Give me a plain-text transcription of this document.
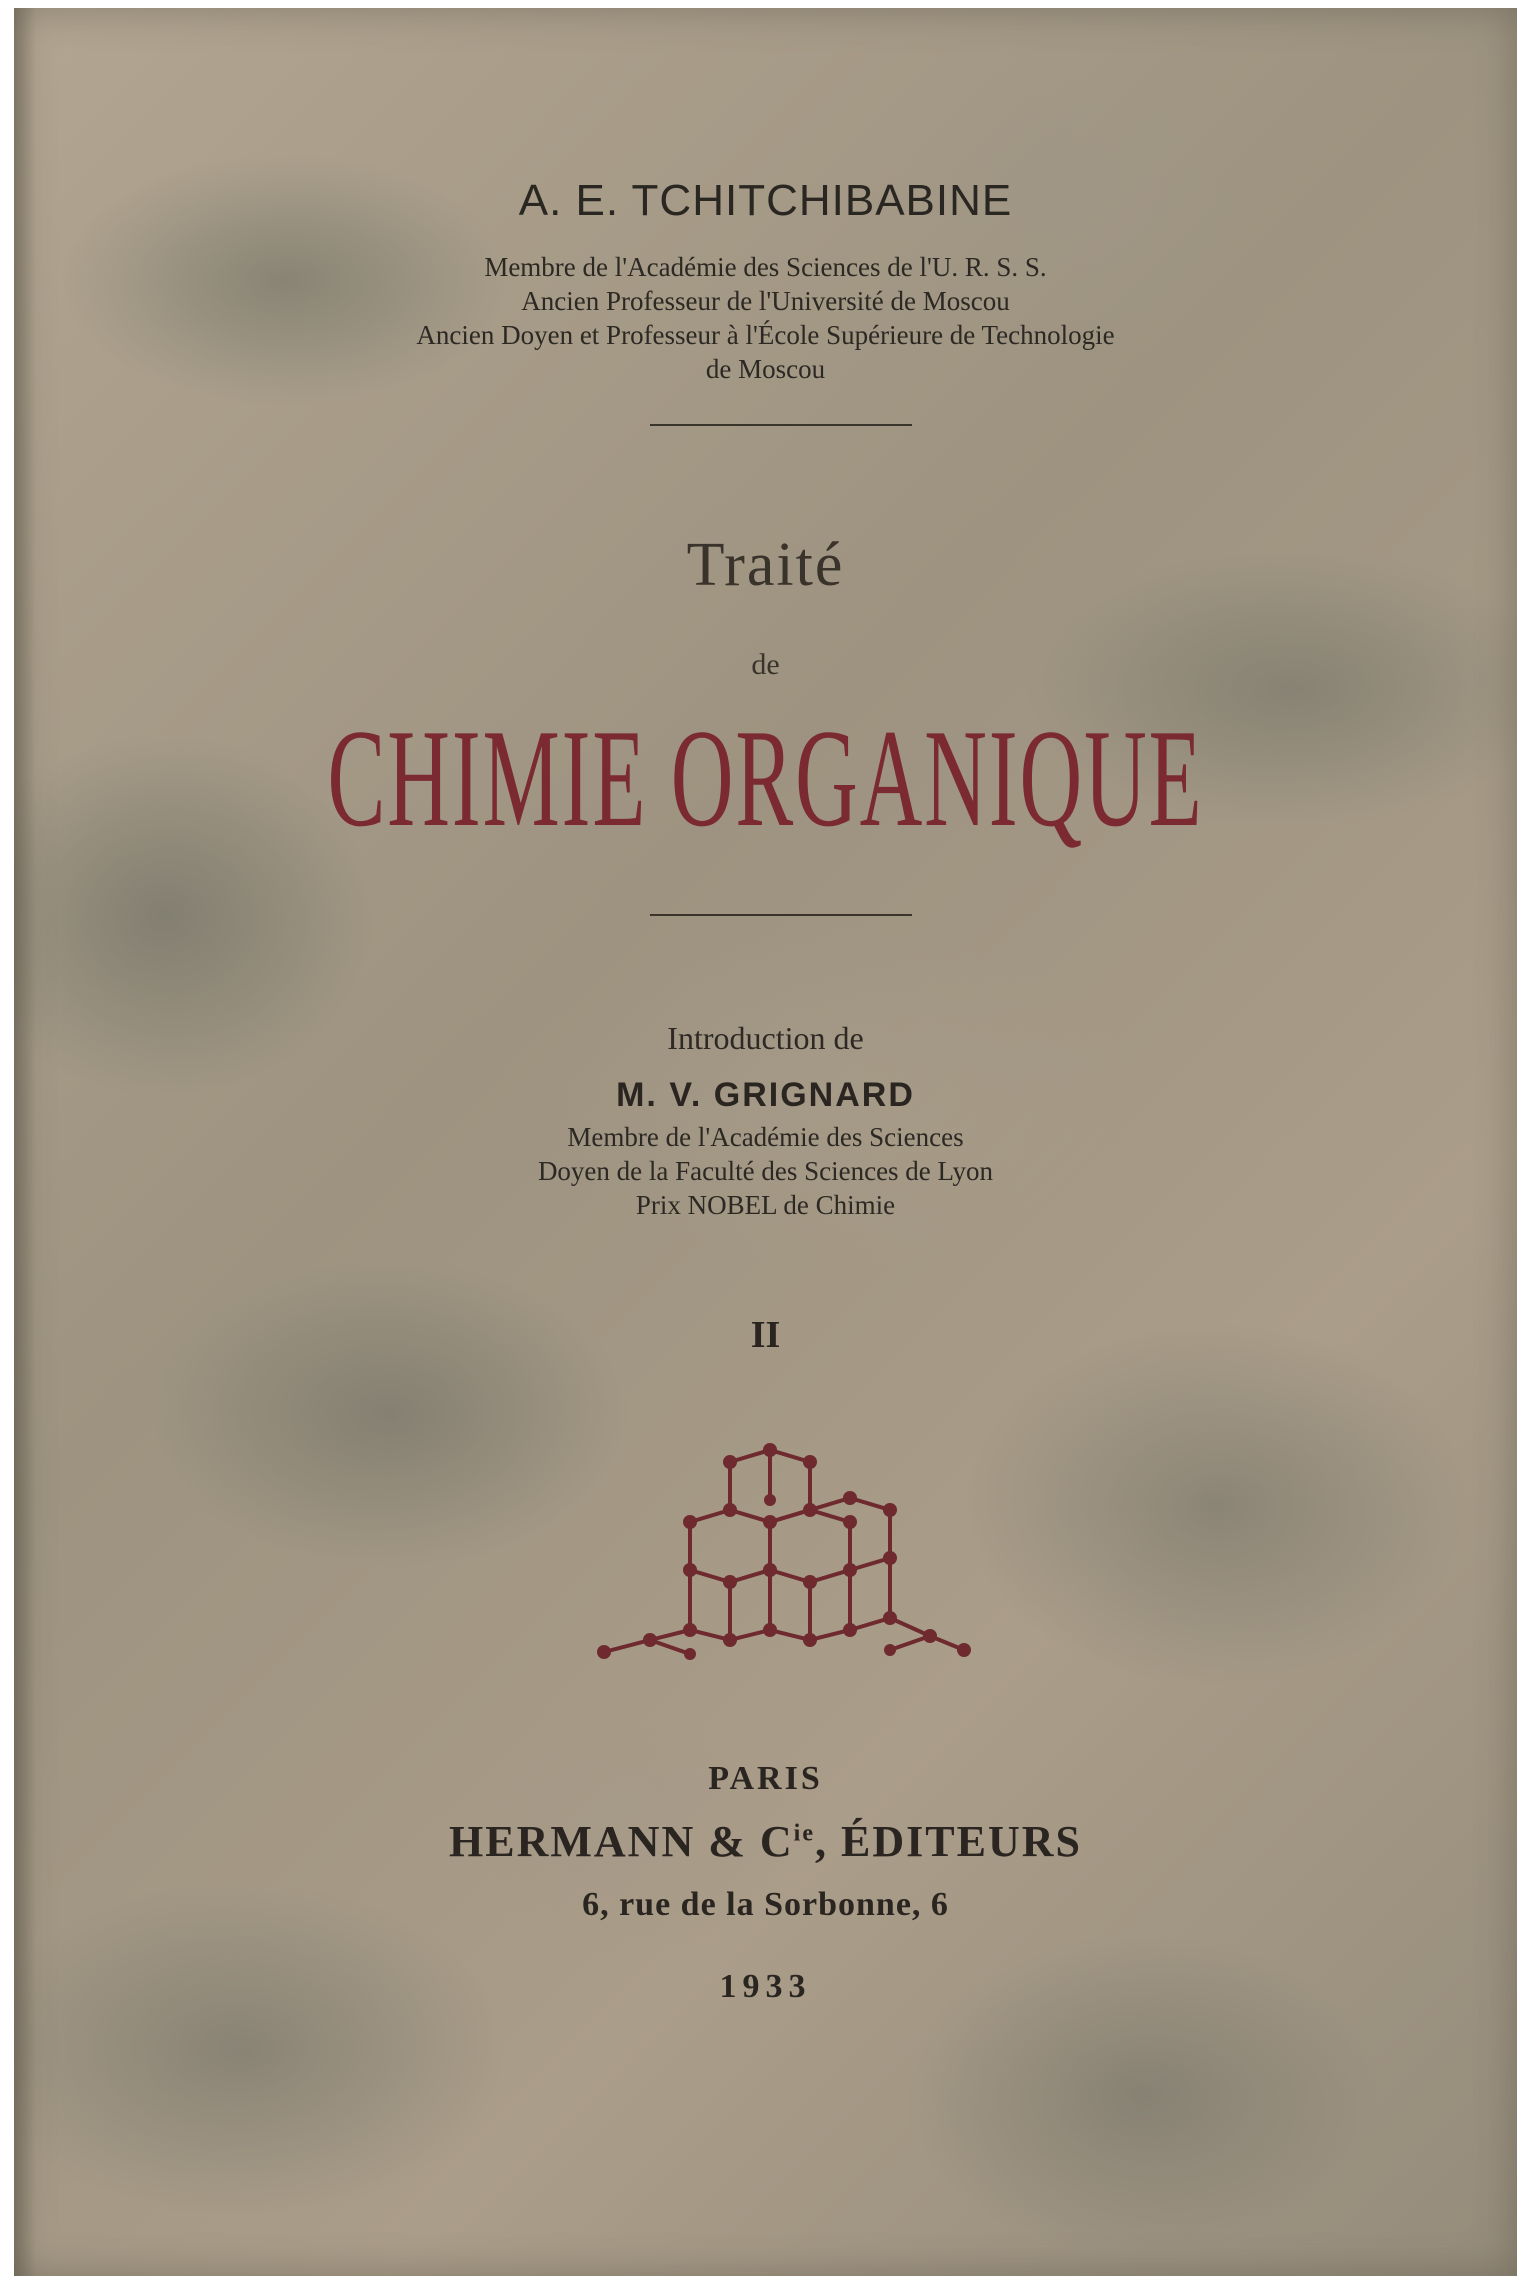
A. E. TCHITCHIBABINE
Membre de l'Académie des Sciences de l'U. R. S. S.
Ancien Professeur de l'Université de Moscou
Ancien Doyen et Professeur à l'École Supérieure de Technologie
de Moscou
Traité
de
CHIMIE ORGANIQUE
Introduction de
M. V. GRIGNARD
Membre de l'Académie des Sciences
Doyen de la Faculté des Sciences de Lyon
Prix NOBEL de Chimie
II
PARIS
HERMANN & $C^{ie}$, ÉDITEURS
6, rue de la Sorbonne, 6
1933
